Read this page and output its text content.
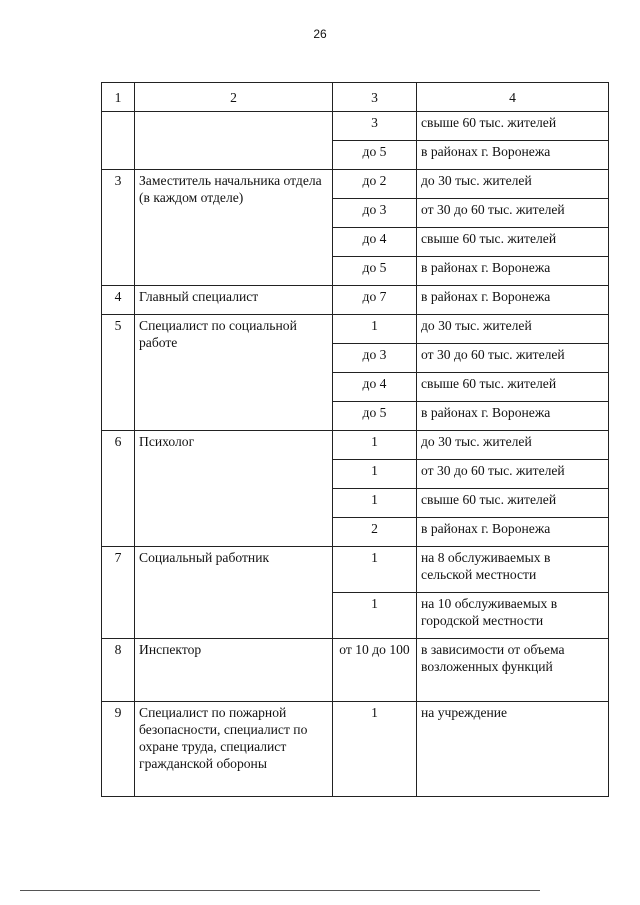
26
1	2	3	4
		3	свыше 60 тыс. жителей
		до 5	в районах г. Воронежа
3	Заместитель начальника отдела (в каждом отделе)	до 2	до 30 тыс. жителей
		до 3	от 30 до 60 тыс. жителей
		до 4	свыше 60 тыс. жителей
		до 5	в районах г. Воронежа
4	Главный специалист	до 7	в районах г. Воронежа
5	Специалист по социальной работе	1	до 30 тыс. жителей
		до 3	от 30 до 60 тыс. жителей
		до 4	свыше 60 тыс. жителей
		до 5	в районах г. Воронежа
6	Психолог	1	до 30 тыс. жителей
		1	от 30 до 60 тыс. жителей
		1	свыше 60 тыс. жителей
		2	в районах г. Воронежа
7	Социальный работник	1	на 8 обслуживаемых в сельской местности
		1	на 10 обслуживаемых в городской местности
8	Инспектор	от 10 до 100	в зависимости от объема возложенных функций
9	Специалист по пожарной безопасности, специалист по охране труда, специалист гражданской обороны	1	на учреждение
